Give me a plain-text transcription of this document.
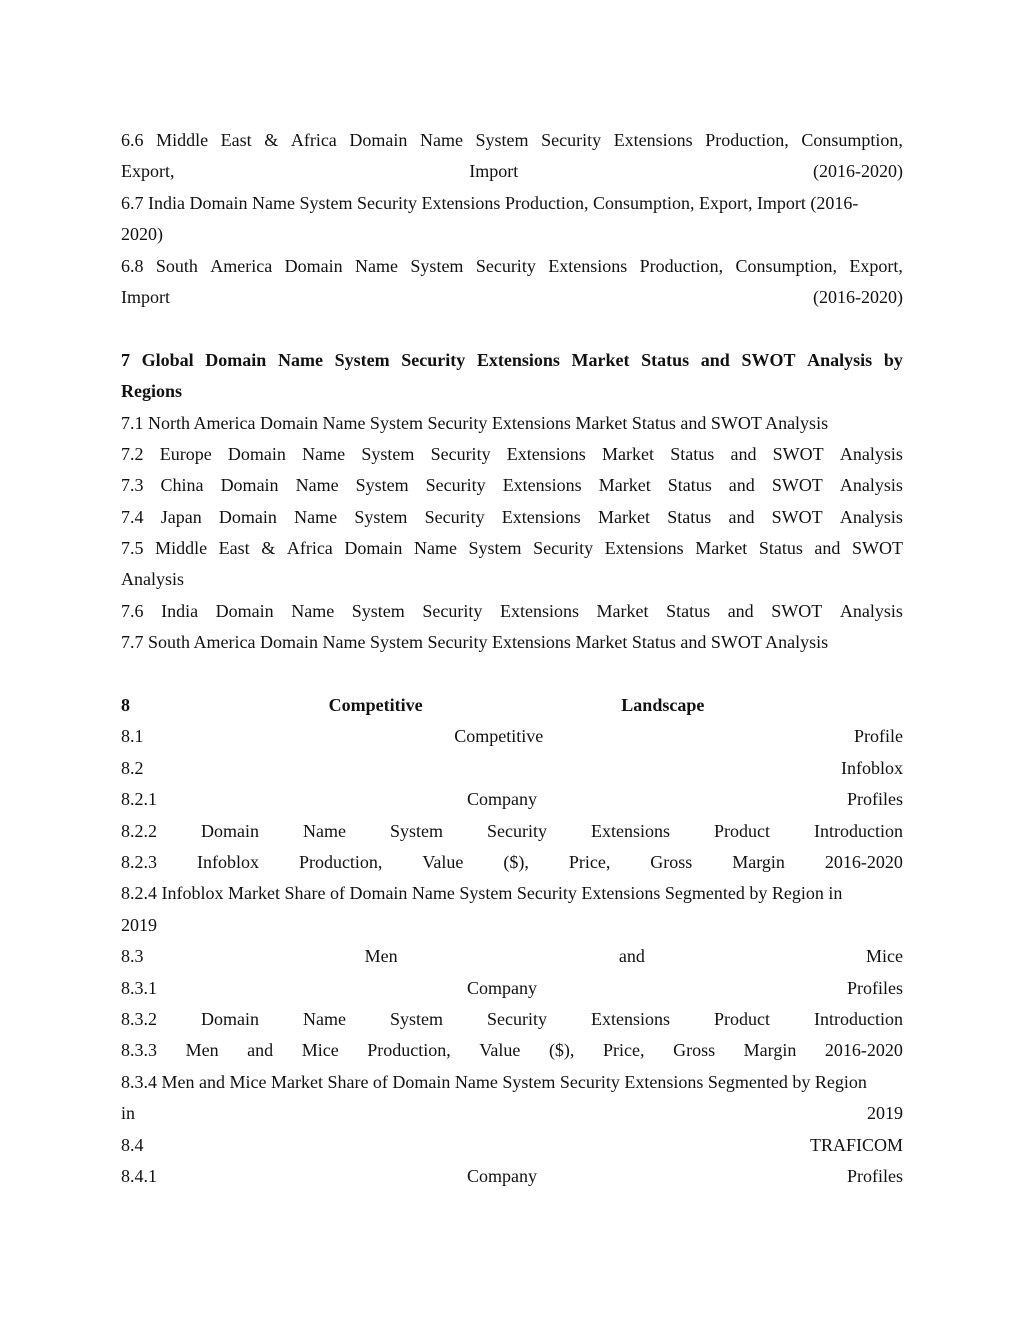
6.6 Middle East & Africa Domain Name System Security Extensions Production, Consumption,
Export,	Import	(2016-2020)
6.7 India Domain Name System Security Extensions Production, Consumption, Export, Import (2016-
2020)
6.8 South America Domain Name System Security Extensions Production, Consumption, Export,
Import	(2016-2020)
7 Global Domain Name System Security Extensions Market Status and SWOT Analysis by
Regions
7.1 North America Domain Name System Security Extensions Market Status and SWOT Analysis
7.2 Europe Domain Name System Security Extensions Market Status and SWOT Analysis
7.3 China Domain Name System Security Extensions Market Status and SWOT Analysis
7.4 Japan Domain Name System Security Extensions Market Status and SWOT Analysis
7.5 Middle East & Africa Domain Name System Security Extensions Market Status and SWOT
Analysis
7.6 India Domain Name System Security Extensions Market Status and SWOT Analysis
7.7 South America Domain Name System Security Extensions Market Status and SWOT Analysis
8	Competitive	Landscape
8.1	Competitive	Profile
8.2	Infoblox
8.2.1	Company	Profiles
8.2.2 Domain Name System Security Extensions Product Introduction
8.2.3 Infoblox Production, Value ($), Price, Gross Margin 2016-2020
8.2.4 Infoblox Market Share of Domain Name System Security Extensions Segmented by Region in
2019
8.3	Men	and	Mice
8.3.1	Company	Profiles
8.3.2 Domain Name System Security Extensions Product Introduction
8.3.3 Men and Mice Production, Value ($), Price, Gross Margin 2016-2020
8.3.4 Men and Mice Market Share of Domain Name System Security Extensions Segmented by Region
in	2019
8.4	TRAFICOM
8.4.1	Company	Profiles
